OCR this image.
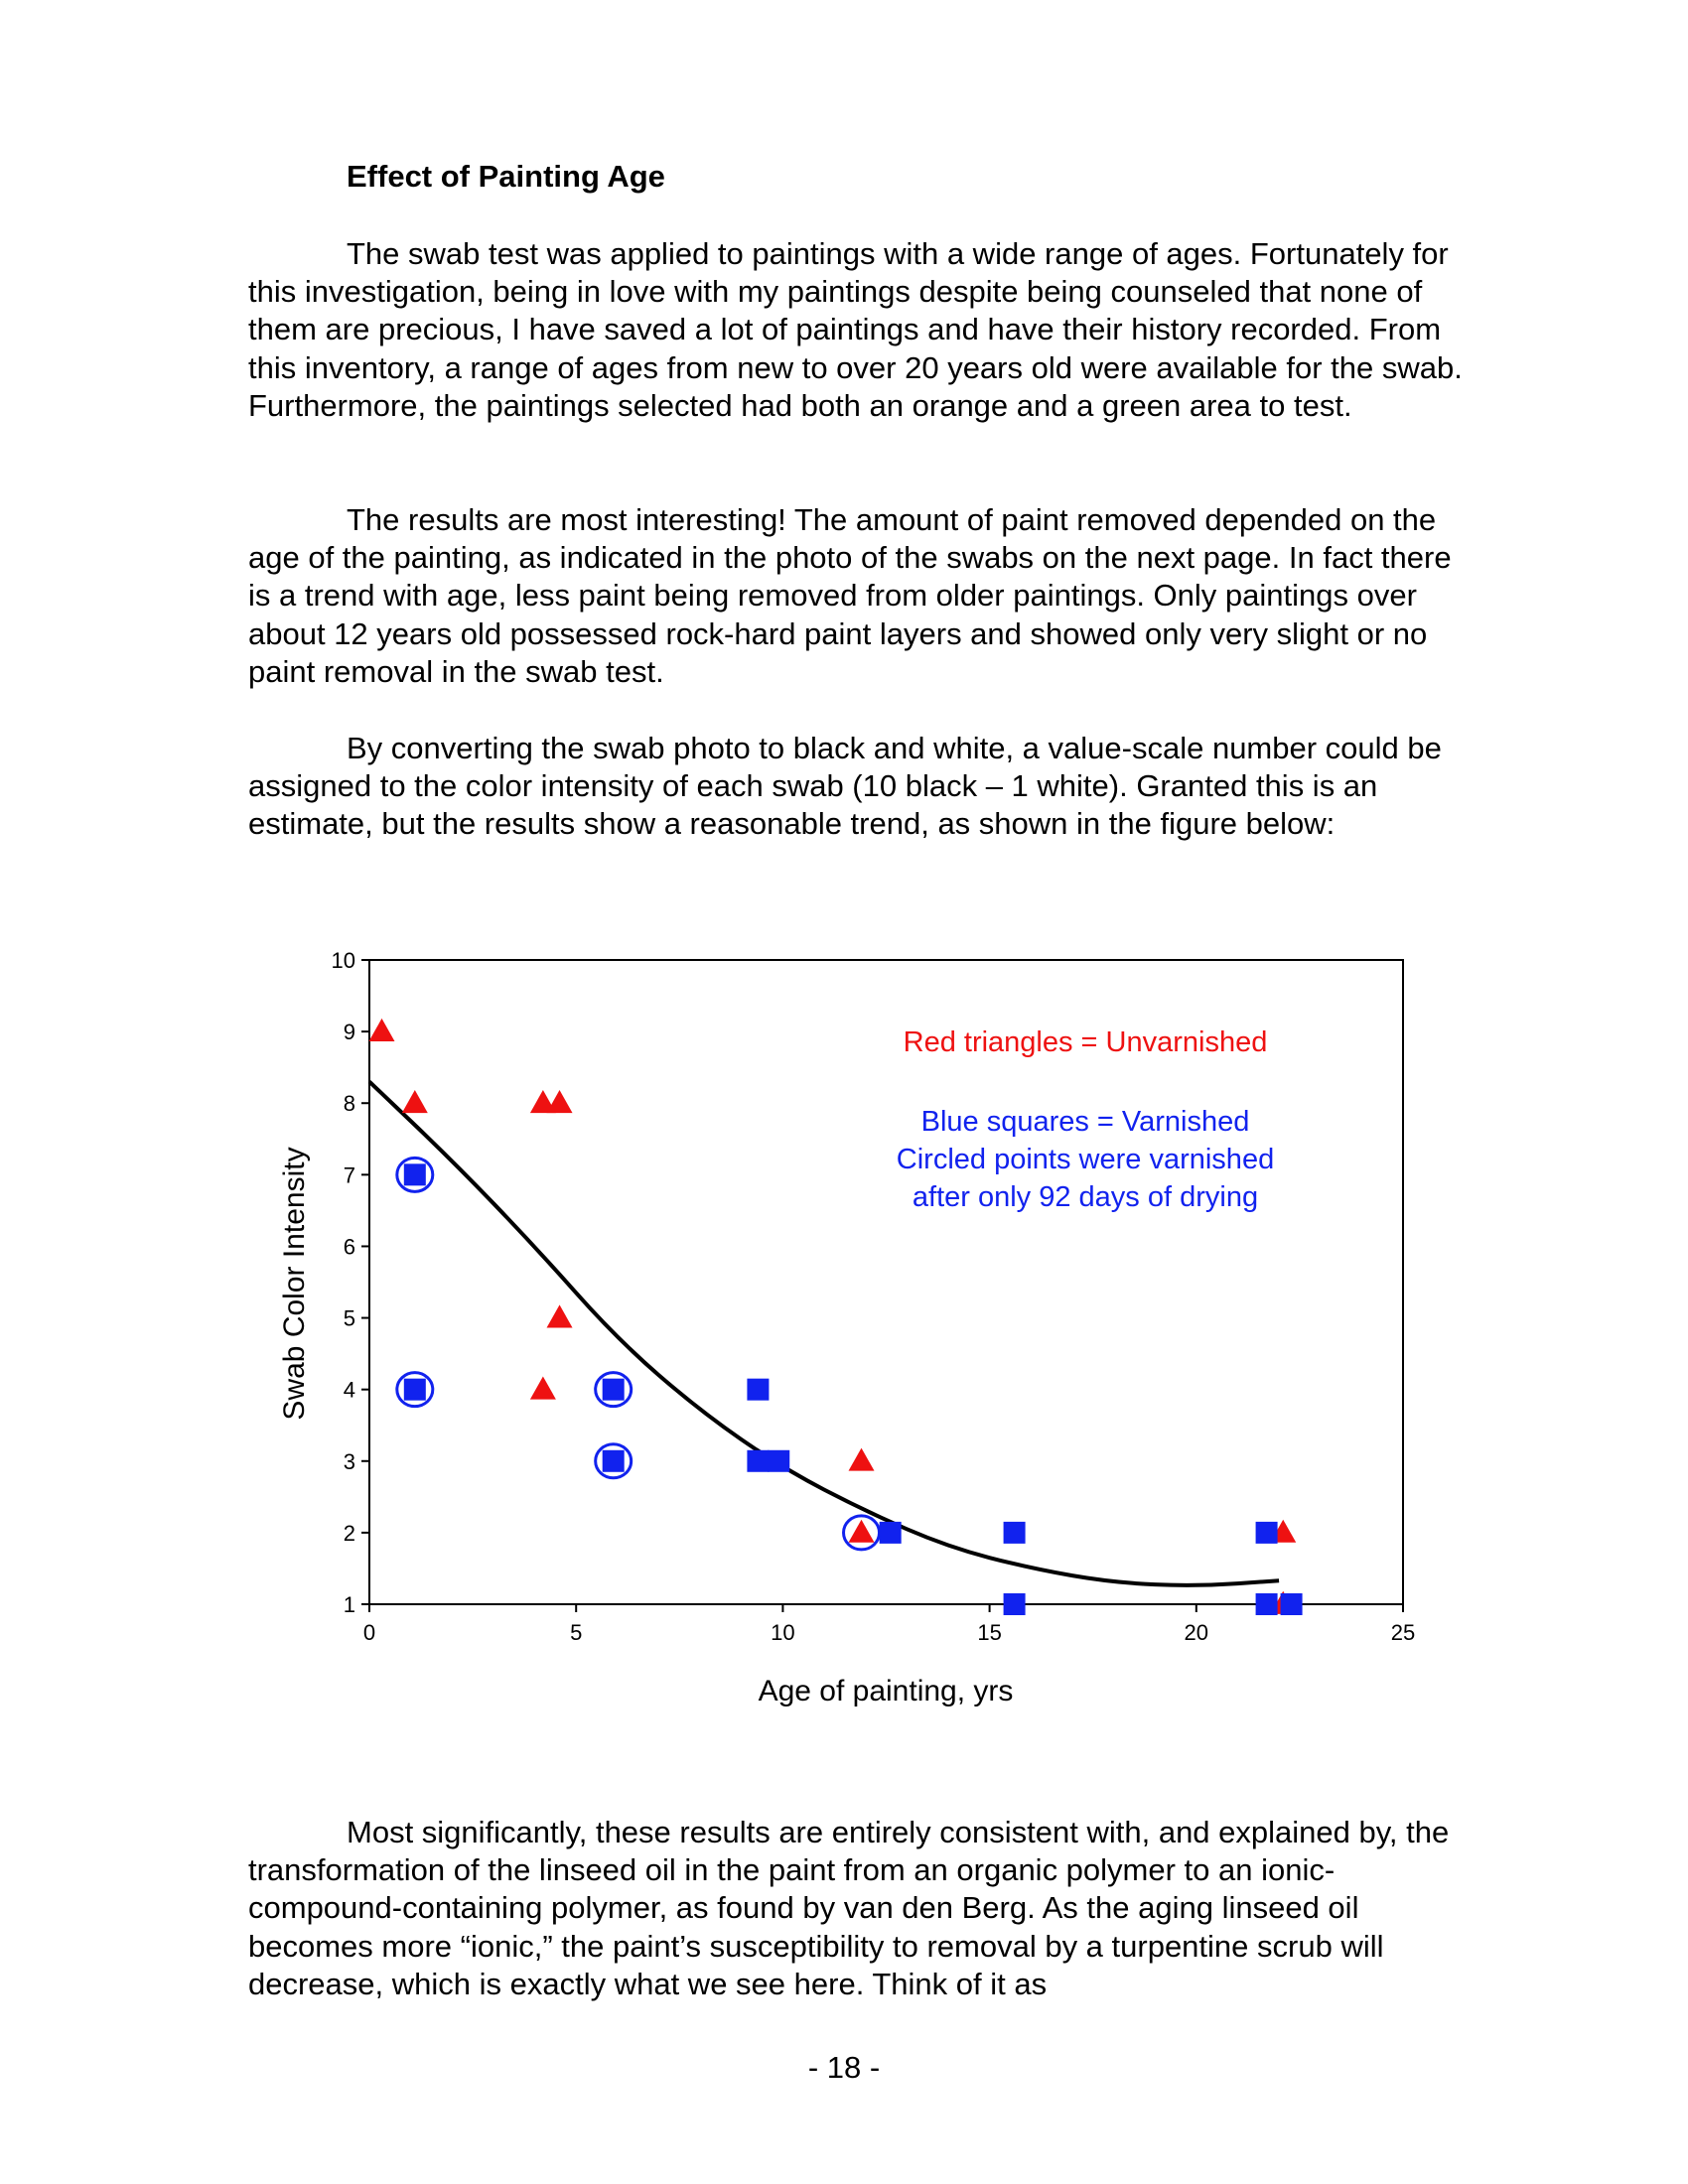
Effect of Painting Age

The swab test was applied to paintings with a wide range of ages. Fortunately for this investigation, being in love with my paintings despite being counseled that none of them are precious, I have saved a lot of paintings and have their history recorded. From this inventory, a range of ages from new to over 20 years old were available for the swab. Furthermore, the paintings selected had both an orange and a green area to test.

The results are most interesting! The amount of paint removed depended on the age of the painting, as indicated in the photo of the swabs on the next page. In fact there is a trend with age, less paint being removed from older paintings. Only paintings over about 12 years old possessed rock-hard paint layers and showed only very slight or no paint removal in the swab test.

By converting the swab photo to black and white, a value-scale number could be assigned to the color intensity of each swab (10 black – 1 white). Granted this is an estimate, but the results show a reasonable trend, as shown in the figure below:

1
2
3
4
5
6
7
8
9
10
0	5	10	15	20	25
Age of painting, yrs
Swab Color Intensity
Red triangles = Unvarnished
Blue squares = Varnished
Circled points were varnished
after only 92 days of drying

Most significantly, these results are entirely consistent with, and explained by, the transformation of the linseed oil in the paint from an organic polymer to an ionic-compound-containing polymer, as found by van den Berg. As the aging linseed oil becomes more “ionic,” the paint’s susceptibility to removal by a turpentine scrub will decrease, which is exactly what we see here. Think of it as

- 18 -
